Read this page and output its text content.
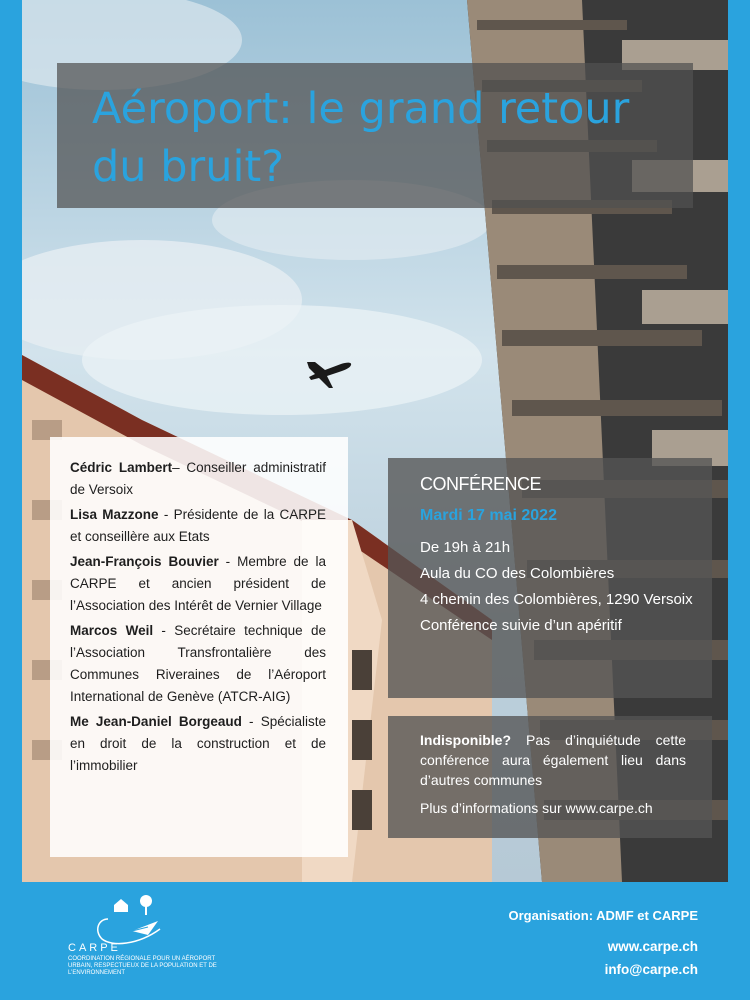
Aéroport: le grand retour
du bruit?

Cédric Lambert– Conseiller administratif de Versoix

Lisa Mazzone - Présidente de la CARPE et conseillère aux Etats

Jean-François Bouvier - Membre de la CARPE et ancien président de l’Association des Intérêt de Vernier Village

Marcos Weil - Secrétaire technique de l’Association Transfrontalière des Communes Riveraines de l’Aéroport International de Genève (ATCR-AIG)

Me Jean-Daniel Borgeaud - Spécialiste en droit de la construction et de l’immobilier

CONFÉRENCE
Mardi 17 mai 2022
De 19h à 21h
Aula du CO des Colombières
4 chemin des Colombières, 1290 Versoix
Conférence suivie d’un apéritif

Indisponible? Pas d’inquiétude cette conférence aura également lieu dans d’autres communes

Plus d’informations sur www.carpe.ch

CARPE
COORDINATION RÉGIONALE POUR UN AÉROPORT URBAIN, RESPECTUEUX DE LA POPULATION ET DE L’ENVIRONNEMENT
Organisation: ADMF et CARPE
www.carpe.ch
info@carpe.ch
